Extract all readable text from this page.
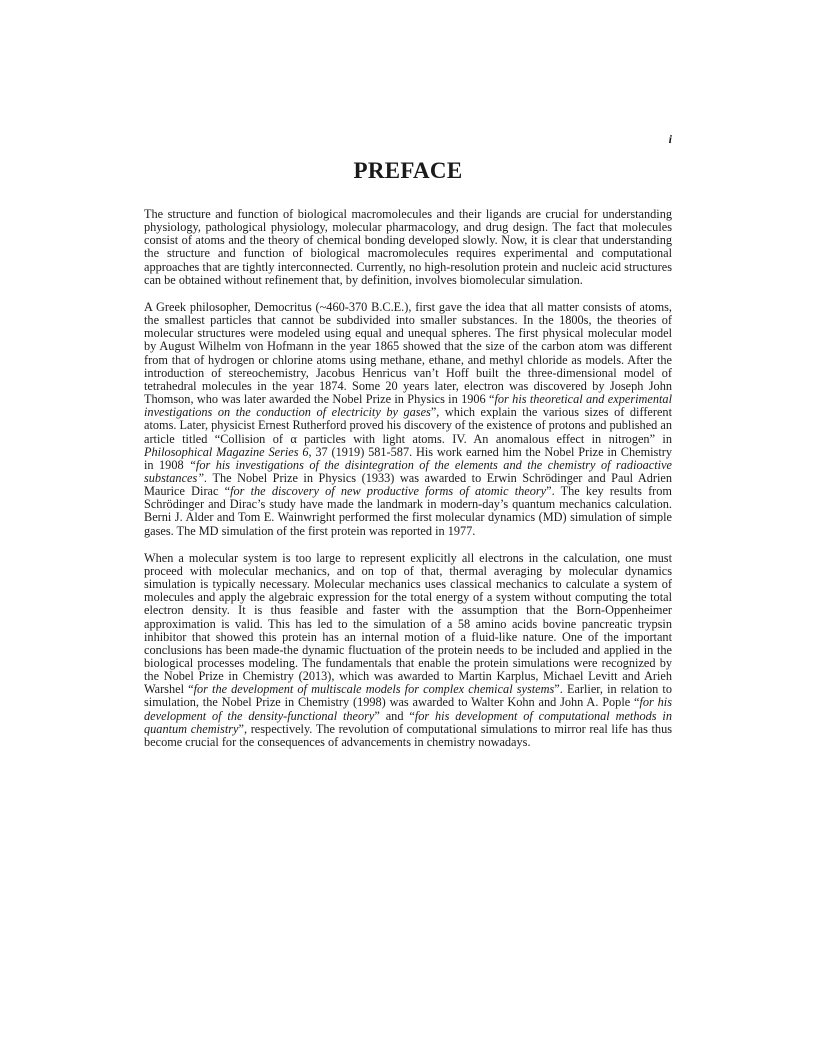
i
PREFACE

The structure and function of biological macromolecules and their ligands are crucial for understanding physiology, pathological physiology, molecular pharmacology, and drug design. The fact that molecules consist of atoms and the theory of chemical bonding developed slowly. Now, it is clear that understanding the structure and function of biological macromolecules requires experimental and computational approaches that are tightly interconnected. Currently, no high-resolution protein and nucleic acid structures can be obtained without refinement that, by definition, involves biomolecular simulation.

A Greek philosopher, Democritus (~460-370 B.C.E.), first gave the idea that all matter consists of atoms, the smallest particles that cannot be subdivided into smaller substances. In the 1800s, the theories of molecular structures were modeled using equal and unequal spheres. The first physical molecular model by August Wilhelm von Hofmann in the year 1865 showed that the size of the carbon atom was different from that of hydrogen or chlorine atoms using methane, ethane, and methyl chloride as models. After the introduction of stereochemistry, Jacobus Henricus van’t Hoff built the three-dimensional model of tetrahedral molecules in the year 1874. Some 20 years later, electron was discovered by Joseph John Thomson, who was later awarded the Nobel Prize in Physics in 1906 “for his theoretical and experimental investigations on the conduction of electricity by gases”, which explain the various sizes of different atoms. Later, physicist Ernest Rutherford proved his discovery of the existence of protons and published an article titled “Collision of α particles with light atoms. IV. An anomalous effect in nitrogen” in Philosophical Magazine Series 6, 37 (1919) 581-587. His work earned him the Nobel Prize in Chemistry in 1908 “for his investigations of the disintegration of the elements and the chemistry of radioactive substances”. The Nobel Prize in Physics (1933) was awarded to Erwin Schrödinger and Paul Adrien Maurice Dirac “for the discovery of new productive forms of atomic theory”. The key results from Schrödinger and Dirac’s study have made the landmark in modern-day’s quantum mechanics calculation. Berni J. Alder and Tom E. Wainwright performed the first molecular dynamics (MD) simulation of simple gases. The MD simulation of the first protein was reported in 1977.

When a molecular system is too large to represent explicitly all electrons in the calculation, one must proceed with molecular mechanics, and on top of that, thermal averaging by molecular dynamics simulation is typically necessary. Molecular mechanics uses classical mechanics to calculate a system of molecules and apply the algebraic expression for the total energy of a system without computing the total electron density. It is thus feasible and faster with the assumption that the Born-Oppenheimer approximation is valid. This has led to the simulation of a 58 amino acids bovine pancreatic trypsin inhibitor that showed this protein has an internal motion of a fluid-like nature. One of the important conclusions has been made-the dynamic fluctuation of the protein needs to be included and applied in the biological processes modeling. The fundamentals that enable the protein simulations were recognized by the Nobel Prize in Chemistry (2013), which was awarded to Martin Karplus, Michael Levitt and Arieh Warshel “for the development of multiscale models for complex chemical systems”. Earlier, in relation to simulation, the Nobel Prize in Chemistry (1998) was awarded to Walter Kohn and John A. Pople “for his development of the density-functional theory” and “for his development of computational methods in quantum chemistry”, respectively. The revolution of computational simulations to mirror real life has thus become crucial for the consequences of advancements in chemistry nowadays.
